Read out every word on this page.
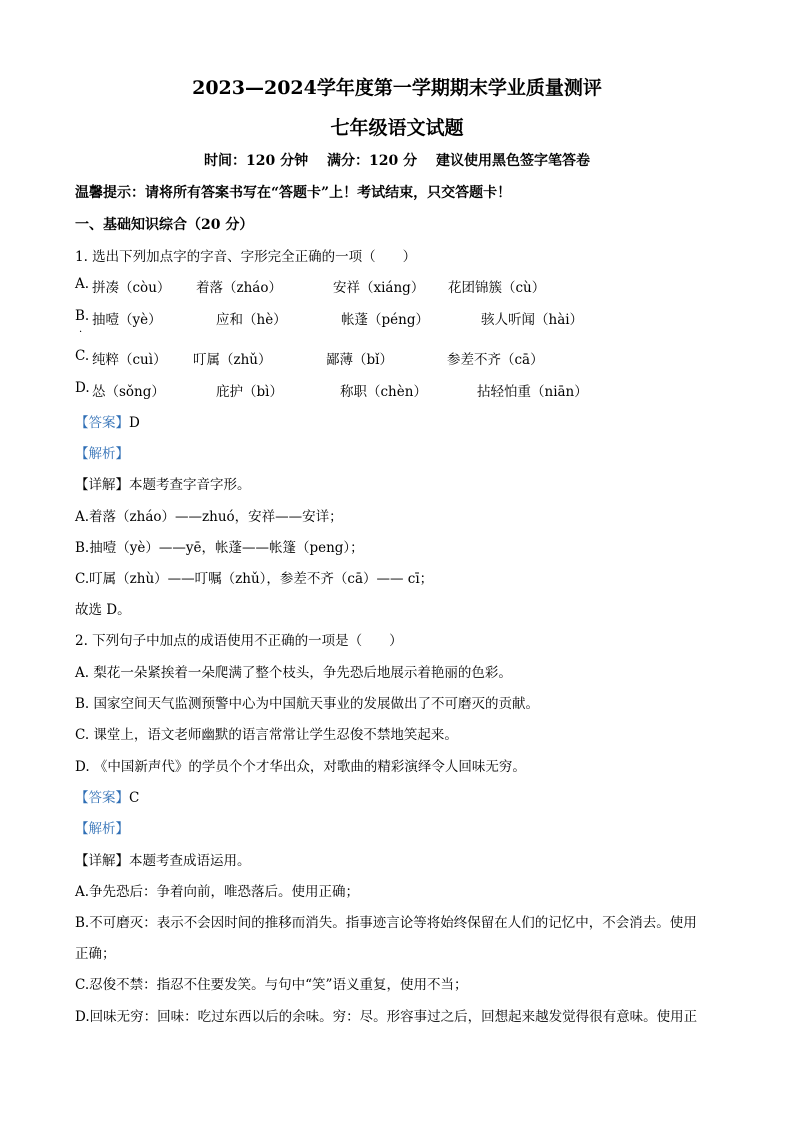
2023—2024学年度第一学期期末学业质量测评
七年级语文试题
时间：120 分钟　 满分：120 分　 建议使用黑色签字笔答卷
温馨提示：请将所有答案书写在“答题卡”上！考试结束，只交答题卡！
一、基础知识综合（20 分）
1. 选出下列加点字的字音、字形完全正确的一项（　　）
A. 拼凑（còu） 着落（zháo）	安祥（xiáng） 花团锦簇（cù）
B. 抽噎（yè）	应和（hè）	帐蓬（péng）	骇人听闻（hài）
·
C. 纯粹（cuì） 叮属（zhǔ）	鄙薄（bǐ）	参差不齐（cā）
D. 怂（sǒng）	庇护（bì）	称职（chèn）	拈轻怕重（niān）
【答案】D
【解析】
【详解】本题考查字音字形。
A.着落（zháo）——zhuó，安祥——安详；
B.抽噎（yè）——yē，帐蓬——帐篷（peng）；
C.叮属（zhù）——叮嘱（zhǔ），参差不齐（cā）—— cī；
故选 D。
2. 下列句子中加点的成语使用不正确的一项是（　　）
A. 梨花一朵紧挨着一朵爬满了整个枝头，争先恐后地展示着艳丽的色彩。
B. 国家空间天气监测预警中心为中国航天事业的发展做出了不可磨灭的贡献。
C. 课堂上，语文老师幽默的语言常常让学生忍俊不禁地笑起来。
D. 《中国新声代》的学员个个才华出众，对歌曲的精彩演绎令人回味无穷。
【答案】C
【解析】
【详解】本题考查成语运用。
A.争先恐后：争着向前，唯恐落后。使用正确；
B.不可磨灭：表示不会因时间的推移而消失。指事迹言论等将始终保留在人们的记忆中，不会消去。使用
正确；
C.忍俊不禁：指忍不住要发笑。与句中“笑”语义重复，使用不当；
D.回味无穷：回味：吃过东西以后的余味。穷：尽。形容事过之后，回想起来越发觉得很有意味。使用正
